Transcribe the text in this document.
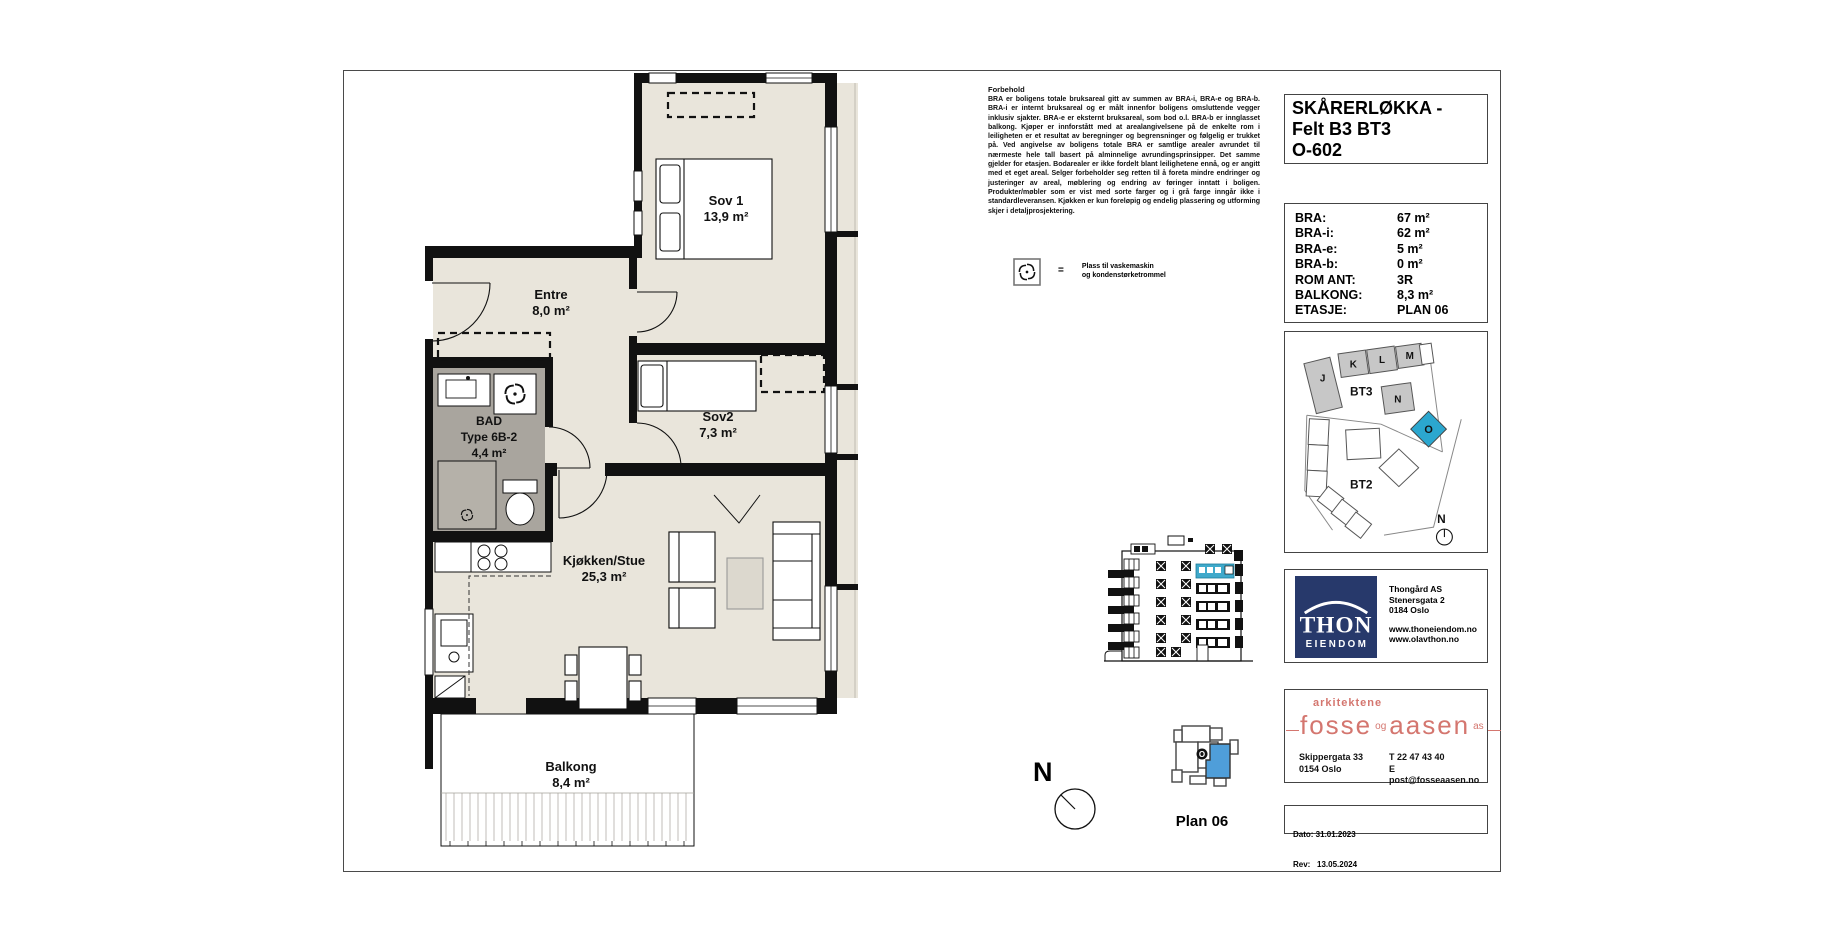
Sov 1
13,9 m²
Entre
8,0 m²
Sov2
7,3 m²
BAD
Type 6B-2
4,4 m²
Kjøkken/Stue
25,3 m²
Balkong
8,4 m²
Forbehold
BRA er boligens totale bruksareal gitt av summen av BRA-i, BRA-e og BRA-b. BRA-i er internt bruksareal og er målt innenfor boligens omsluttende vegger inklusiv sjakter. BRA-e er eksternt bruksareal, som bod o.l. BRA-b er innglasset balkong. Kjøper er innforstått med at arealangivelsene på de enkelte rom i leiligheten er et resultat av beregninger og begrensninger og følgelig er trukket på. Ved angivelse av boligens totale BRA er samtlige arealer avrundet til nærmeste hele tall basert på alminnelige avrundingsprinsipper. Det samme gjelder for etasjen. Bodarealer er ikke fordelt blant leilighetene ennå, og er angitt med et eget areal. Selger forbeholder seg retten til å foreta mindre endringer og justeringer av areal, møblering og endring av føringer inntatt i boligen. Produkter/møbler som er vist med sorte farger og i grå farge inngår ikke i standardleveransen. Kjøkken er kun foreløpig og endelig plassering og utforming skjer i detaljprosjektering.
=	Plass til vaskemaskin
og kondenstørketrommel
N
O
Plan 06
SKÅRERLØKKA -
Felt B3 BT3
O-602
BRA:	67 m²
BRA-i:	62 m²
BRA-e:	5 m²
BRA-b:	0 m²
ROM ANT:	3R
BALKONG:	8,3 m²
ETASJE:	PLAN 06
J
K L M
N
O
BT3
BT2
N
THON
EIENDOM
Thongård AS
Stenersgata 2
0184 Oslo
www.thoneiendom.no
www.olavthon.no
arkitektene
fosse $^{og}$ aasen $^{as}$
Skippergata 33
0154 Oslo
T 22 47 43 40
E post@fosseaasen.no

Dato: 31.01.2023

Rev:   13.05.2024
